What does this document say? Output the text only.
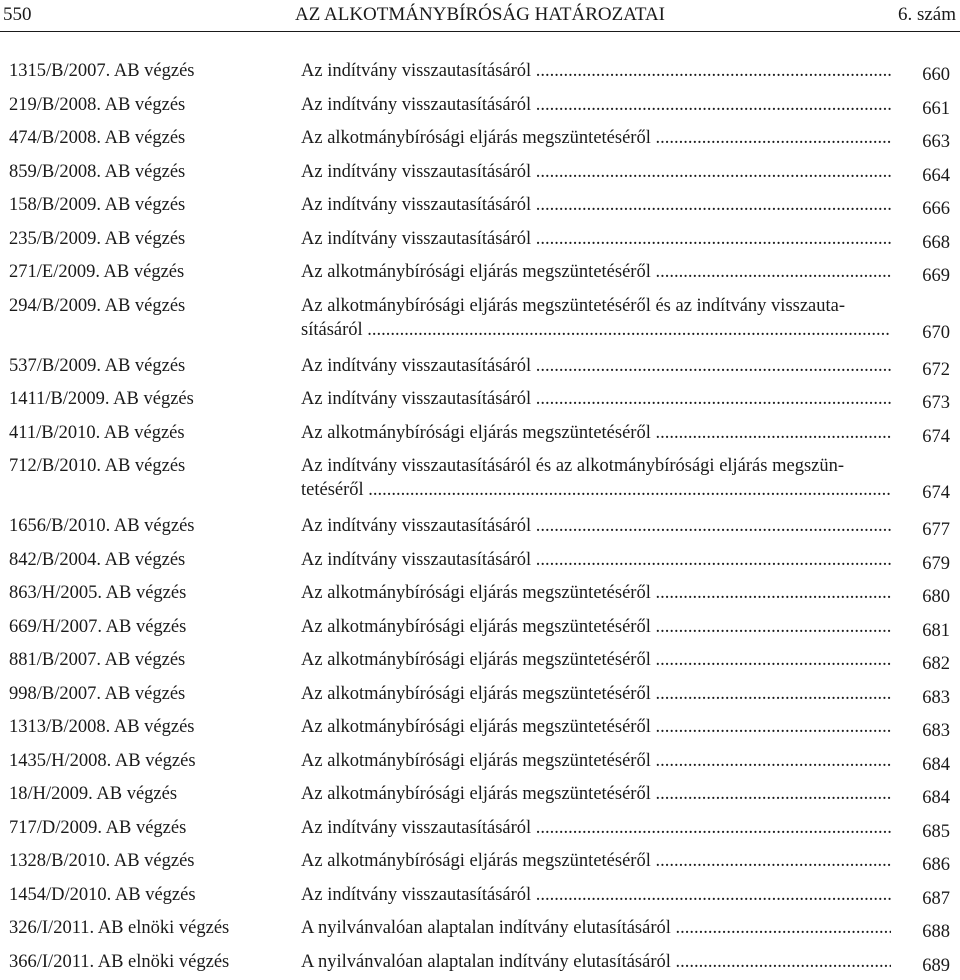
AZ ALKOTMÁNYBÍRÓSÁG HATÁROZATAI
550	6. szám
1315/B/2007. AB végzés	Az indítvány visszautasításáról .....	660
219/B/2008. AB végzés	Az indítvány visszautasításáról .....	661
474/B/2008. AB végzés	Az alkotmánybírósági eljárás megszüntetéséről .....	663
859/B/2008. AB végzés	Az indítvány visszautasításáról .....	664
158/B/2009. AB végzés	Az indítvány visszautasításáról .....	666
235/B/2009. AB végzés	Az indítvány visszautasításáról .....	668
271/E/2009. AB végzés	Az alkotmánybírósági eljárás megszüntetéséről .....	669
294/B/2009. AB végzés	Az alkotmánybírósági eljárás megszüntetéséről és az indítvány visszauta-
sításáról .....	670
537/B/2009. AB végzés	Az indítvány visszautasításáról .....	672
1411/B/2009. AB végzés	Az indítvány visszautasításáról .....	673
411/B/2010. AB végzés	Az alkotmánybírósági eljárás megszüntetéséről .....	674
712/B/2010. AB végzés	Az indítvány visszautasításáról és az alkotmánybírósági eljárás megszün-
tetéséről .....	674
1656/B/2010. AB végzés	Az indítvány visszautasításáról .....	677
842/B/2004. AB végzés	Az indítvány visszautasításáról .....	679
863/H/2005. AB végzés	Az alkotmánybírósági eljárás megszüntetéséről .....	680
669/H/2007. AB végzés	Az alkotmánybírósági eljárás megszüntetéséről .....	681
881/B/2007. AB végzés	Az alkotmánybírósági eljárás megszüntetéséről .....	682
998/B/2007. AB végzés	Az alkotmánybírósági eljárás megszüntetéséről .....	683
1313/B/2008. AB végzés	Az alkotmánybírósági eljárás megszüntetéséről .....	683
1435/H/2008. AB végzés	Az alkotmánybírósági eljárás megszüntetéséről .....	684
18/H/2009. AB végzés	Az alkotmánybírósági eljárás megszüntetéséről .....	684
717/D/2009. AB végzés	Az indítvány visszautasításáról .....	685
1328/B/2010. AB végzés	Az alkotmánybírósági eljárás megszüntetéséről .....	686
1454/D/2010. AB végzés	Az indítvány visszautasításáról .....	687
326/I/2011. AB elnöki végzés	A nyilvánvalóan alaptalan indítvány elutasításáról .....	688
366/I/2011. AB elnöki végzés	A nyilvánvalóan alaptalan indítvány elutasításáról .....	689
